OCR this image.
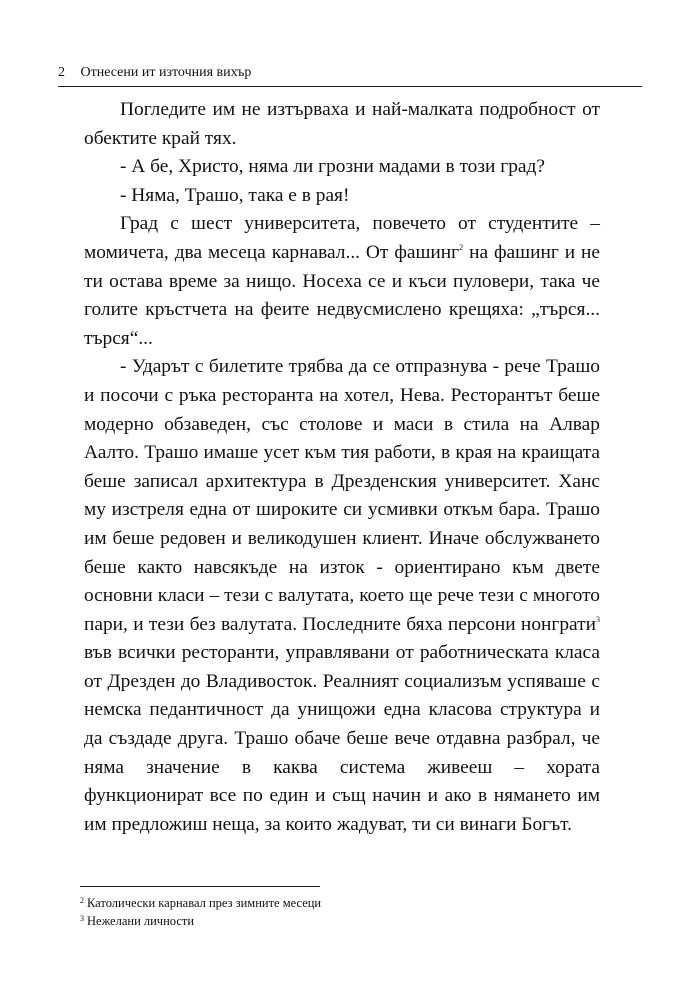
2 Отнесени ит източния вихър

Погледите им не изтърваха и най-малката подробност от обектите край тях.

- А бе, Христо, няма ли грозни мадами в този град?

- Няма, Трашо, така е в рая!

Град с шест университета, повечето от студентите – момичета, два месеца карнавал... От фашинг$^2$ на фашинг и не ти остава време за нищо. Носеха се и къси пуловери, така че голите кръстчета на феите недвусмислено крещяха: „търся... търся“...

- Ударът с билетите трябва да се отпразнува - рече Трашо и посочи с ръка ресторанта на хотел, Нева. Ресторантът беше модерно обзаведен, със столове и маси в стила на Алвар Аалто. Трашо имаше усет към тия работи, в края на краищата беше записал архитектура в Дрезденския университет. Ханс му изстреля една от широките си усмивки откъм бара. Трашо им беше редовен и великодушен клиент. Иначе обслужването беше както навсякъде на изток - ориентирано към двете основни класи – тези с валутата, което ще рече тези с многото пари, и тези без валутата. Последните бяха персони нонграти$^3$ във всички ресторанти, управлявани от работническата класа от Дрезден до Владивосток. Реалният социализъм успяваше с немска педантичност да унищожи една класова структура и да създаде друга. Трашо обаче беше вече отдавна разбрал, че няма значение в каква система живееш – хората функционират все по един и същ начин и ако в нямането им им предложиш неща, за които жадуват, ти си винаги Богът.

$^2$ Католически карнавал през зимните месеци
$^3$ Нежелани личности
